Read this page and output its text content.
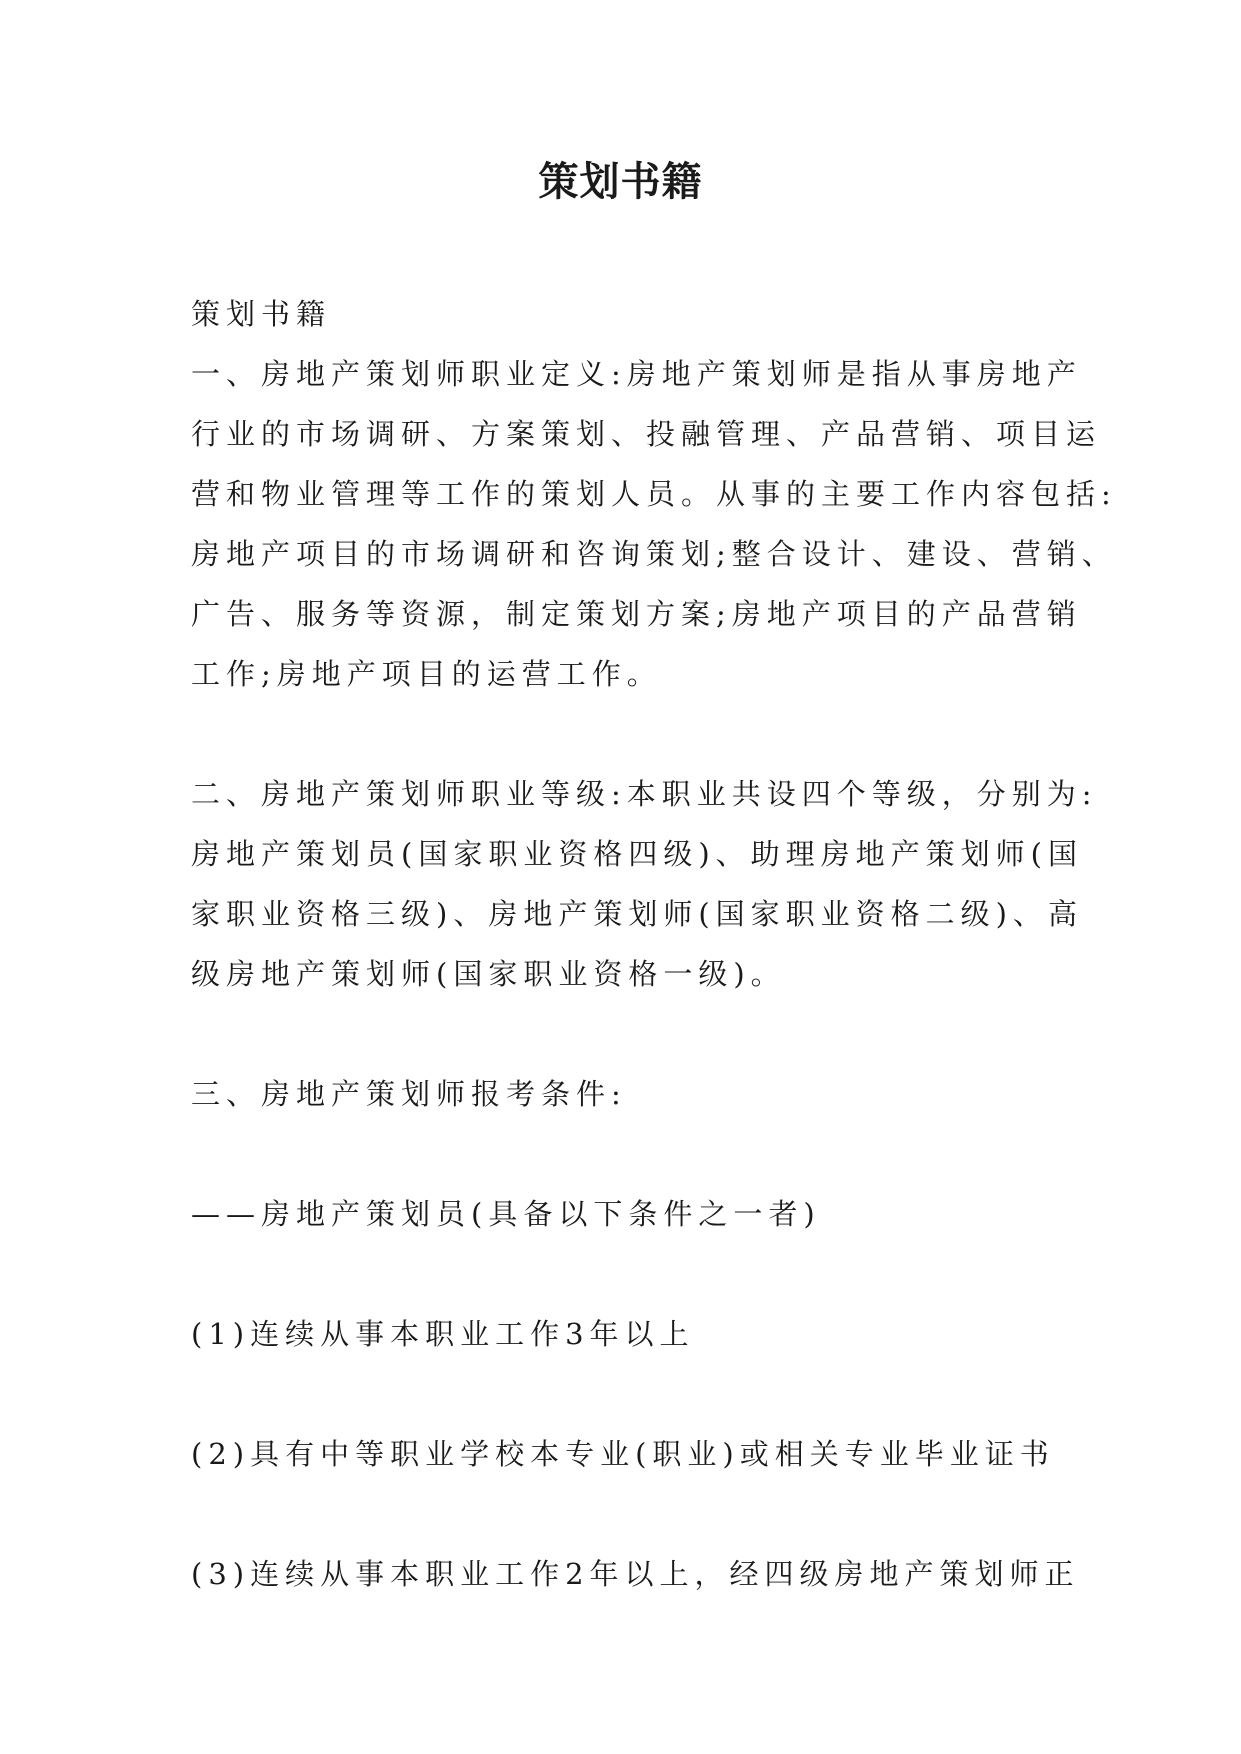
策划书籍
策划书籍
一、房地产策划师职业定义:房地产策划师是指从事房地产
行业的市场调研、方案策划、投融管理、产品营销、项目运
营和物业管理等工作的策划人员。从事的主要工作内容包括:
房地产项目的市场调研和咨询策划;整合设计、建设、营销、
广告、服务等资源，制定策划方案;房地产项目的产品营销
工作;房地产项目的运营工作。
二、房地产策划师职业等级:本职业共设四个等级，分别为:
房地产策划员(国家职业资格四级)、助理房地产策划师(国
家职业资格三级)、房地产策划师(国家职业资格二级)、高
级房地产策划师(国家职业资格一级)。
三、房地产策划师报考条件:
——房地产策划员(具备以下条件之一者)
(1)连续从事本职业工作3年以上
(2)具有中等职业学校本专业(职业)或相关专业毕业证书
(3)连续从事本职业工作2年以上，经四级房地产策划师正
